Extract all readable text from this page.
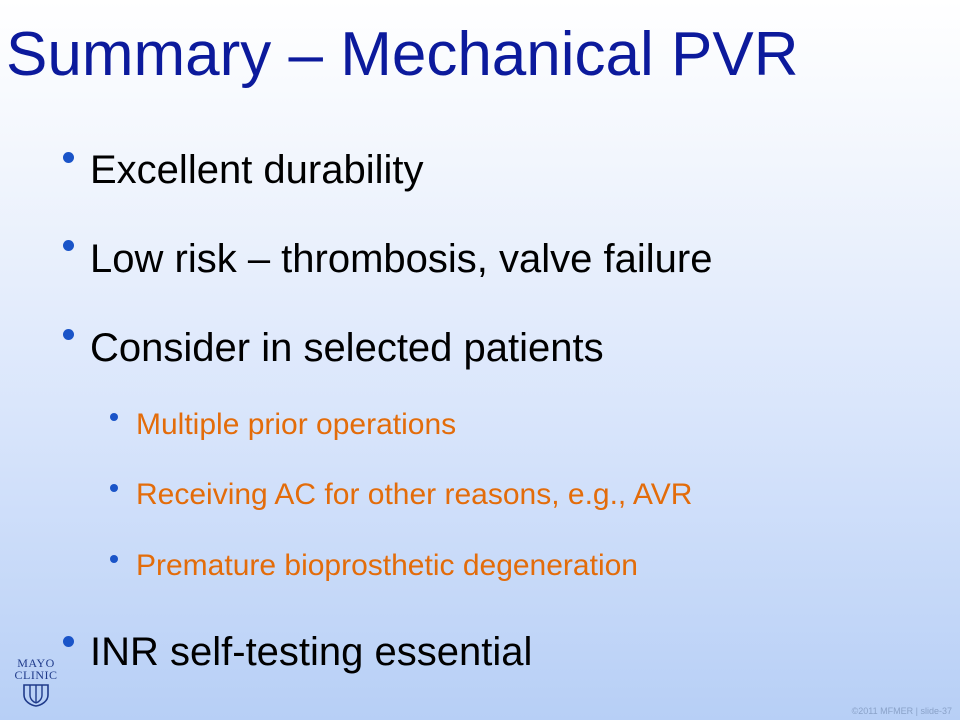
Summary – Mechanical PVR
Excellent durability
Low risk – thrombosis, valve failure
Consider in selected patients
Multiple prior operations
Receiving AC for other reasons, e.g., AVR
Premature bioprosthetic degeneration
INR self-testing essential
MAYO
CLINIC
©2011 MFMER | slide-37
